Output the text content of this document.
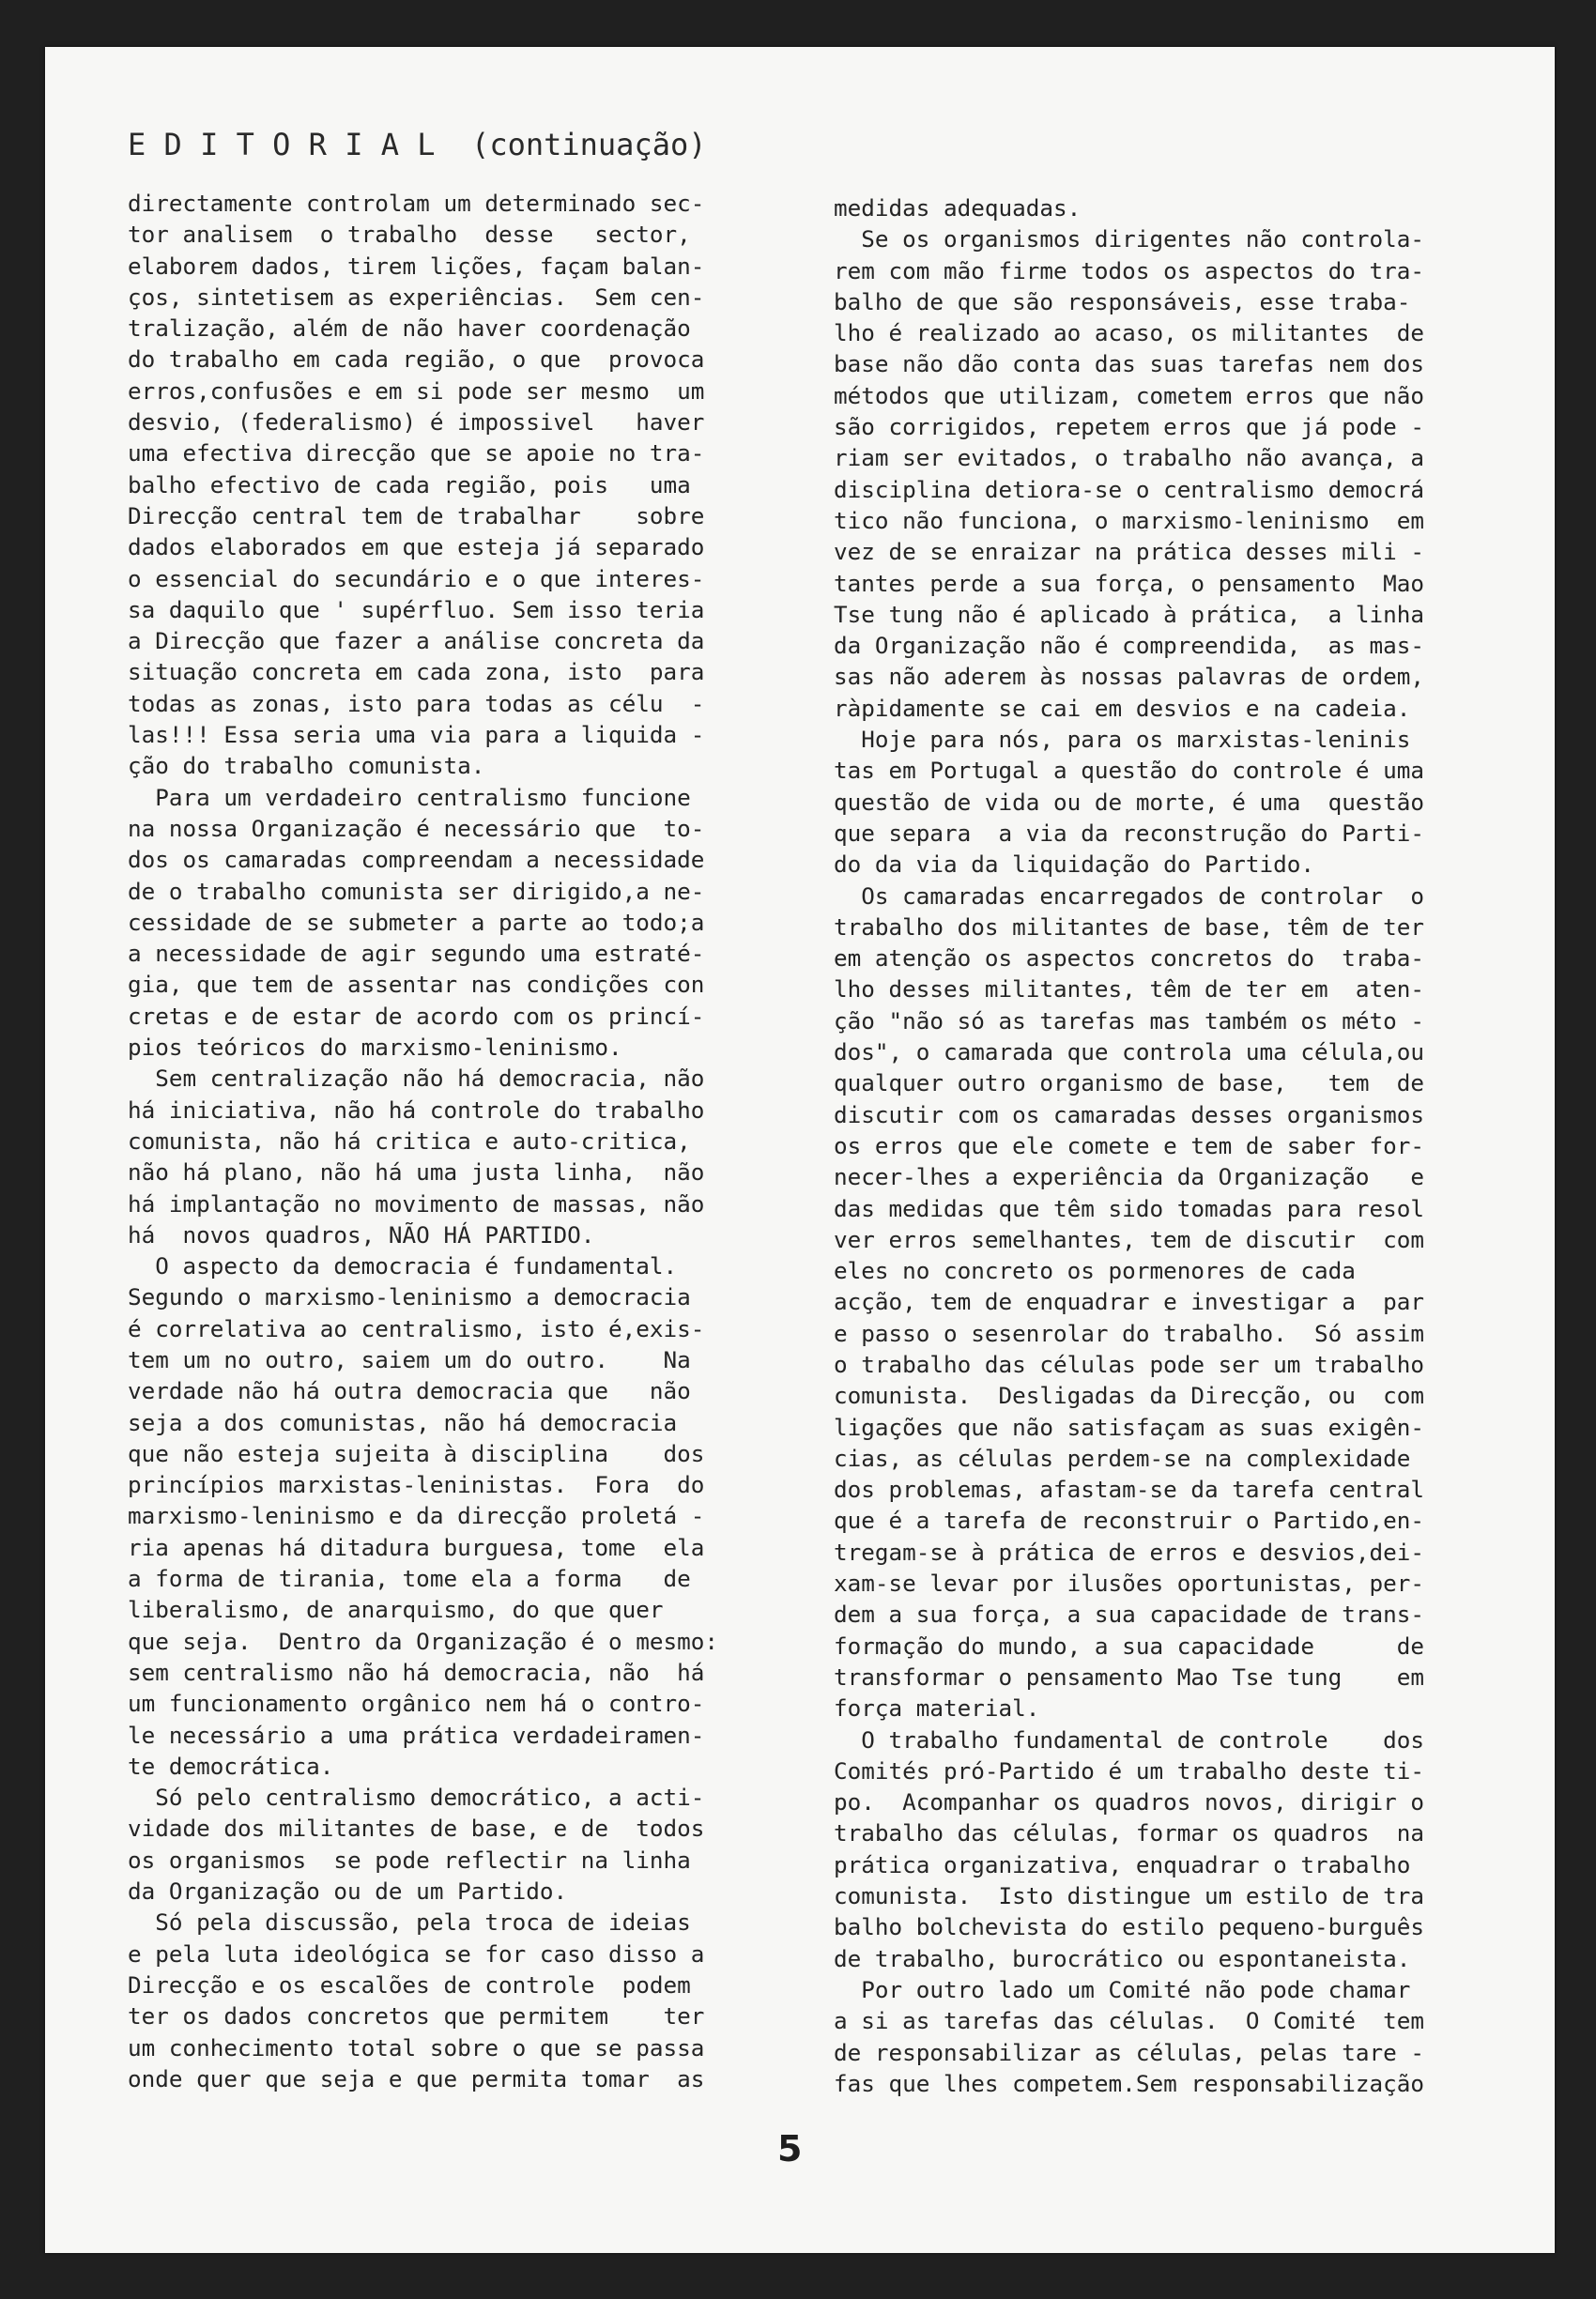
E D I T O R I A L (continuação)
directamente controlam um determinado sec-
tor analisem  o trabalho  desse   sector,
elaborem dados, tirem lições, façam balan-
ços, sintetisem as experiências.  Sem cen-
tralização, além de não haver coordenação
do trabalho em cada região, o que  provoca
erros,confusões e em si pode ser mesmo  um
desvio, (federalismo) é impossivel   haver
uma efectiva direcção que se apoie no tra-
balho efectivo de cada região, pois   uma
Direcção central tem de trabalhar    sobre
dados elaborados em que esteja já separado
o essencial do secundário e o que interes-
sa daquilo que ' supérfluo. Sem isso teria
a Direcção que fazer a análise concreta da
situação concreta em cada zona, isto  para
todas as zonas, isto para todas as célu  -
las!!! Essa seria uma via para a liquida -
ção do trabalho comunista.
Para um verdadeiro centralismo funcione
na nossa Organização é necessário que  to-
dos os camaradas compreendam a necessidade
de o trabalho comunista ser dirigido,a ne-
cessidade de se submeter a parte ao todo;a
a necessidade de agir segundo uma estraté-
gia, que tem de assentar nas condições con
cretas e de estar de acordo com os princí-
pios teóricos do marxismo-leninismo.
Sem centralização não há democracia, não
há iniciativa, não há controle do trabalho
comunista, não há critica e auto-critica,
não há plano, não há uma justa linha,  não
há implantação no movimento de massas, não
há  novos quadros, NÃO HÁ PARTIDO.
O aspecto da democracia é fundamental.
Segundo o marxismo-leninismo a democracia
é correlativa ao centralismo, isto é,exis-
tem um no outro, saiem um do outro.    Na
verdade não há outra democracia que   não
seja a dos comunistas, não há democracia
que não esteja sujeita à disciplina    dos
princípios marxistas-leninistas.  Fora  do
marxismo-leninismo e da direcção proletá -
ria apenas há ditadura burguesa, tome  ela
a forma de tirania, tome ela a forma   de
liberalismo, de anarquismo, do que quer
que seja.  Dentro da Organização é o mesmo:
sem centralismo não há democracia, não  há
um funcionamento orgânico nem há o contro-
le necessário a uma prática verdadeiramen-
te democrática.
Só pelo centralismo democrático, a acti-
vidade dos militantes de base, e de  todos
os organismos  se pode reflectir na linha
da Organização ou de um Partido.
Só pela discussão, pela troca de ideias
e pela luta ideológica se for caso disso a
Direcção e os escalões de controle  podem
ter os dados concretos que permitem    ter
um conhecimento total sobre o que se passa
onde quer que seja e que permita tomar  as
medidas adequadas.
Se os organismos dirigentes não controla-
rem com mão firme todos os aspectos do tra-
balho de que são responsáveis, esse traba-
lho é realizado ao acaso, os militantes  de
base não dão conta das suas tarefas nem dos
métodos que utilizam, cometem erros que não
são corrigidos, repetem erros que já pode -
riam ser evitados, o trabalho não avança, a
disciplina detiora-se o centralismo democrá
tico não funciona, o marxismo-leninismo  em
vez de se enraizar na prática desses mili -
tantes perde a sua força, o pensamento  Mao
Tse tung não é aplicado à prática,  a linha
da Organização não é compreendida,  as mas-
sas não aderem às nossas palavras de ordem,
ràpidamente se cai em desvios e na cadeia.
Hoje para nós, para os marxistas-leninis
tas em Portugal a questão do controle é uma
questão de vida ou de morte, é uma  questão
que separa  a via da reconstrução do Parti-
do da via da liquidação do Partido.
Os camaradas encarregados de controlar  o
trabalho dos militantes de base, têm de ter
em atenção os aspectos concretos do  traba-
lho desses militantes, têm de ter em  aten-
ção "não só as tarefas mas também os méto -
dos", o camarada que controla uma célula,ou
qualquer outro organismo de base,   tem  de
discutir com os camaradas desses organismos
os erros que ele comete e tem de saber for-
necer-lhes a experiência da Organização   e
das medidas que têm sido tomadas para resol
ver erros semelhantes, tem de discutir  com
eles no concreto os pormenores de cada
acção, tem de enquadrar e investigar a  par
e passo o sesenrolar do trabalho.  Só assim
o trabalho das células pode ser um trabalho
comunista.  Desligadas da Direcção, ou  com
ligações que não satisfaçam as suas exigên-
cias, as células perdem-se na complexidade
dos problemas, afastam-se da tarefa central
que é a tarefa de reconstruir o Partido,en-
tregam-se à prática de erros e desvios,dei-
xam-se levar por ilusões oportunistas, per-
dem a sua força, a sua capacidade de trans-
formação do mundo, a sua capacidade      de
transformar o pensamento Mao Tse tung    em
força material.
O trabalho fundamental de controle    dos
Comités pró-Partido é um trabalho deste ti-
po.  Acompanhar os quadros novos, dirigir o
trabalho das células, formar os quadros  na
prática organizativa, enquadrar o trabalho
comunista.  Isto distingue um estilo de tra
balho bolchevista do estilo pequeno-burguês
de trabalho, burocrático ou espontaneista.
Por outro lado um Comité não pode chamar
a si as tarefas das células.  O Comité  tem
de responsabilizar as células, pelas tare -
fas que lhes competem.Sem responsabilização
5
